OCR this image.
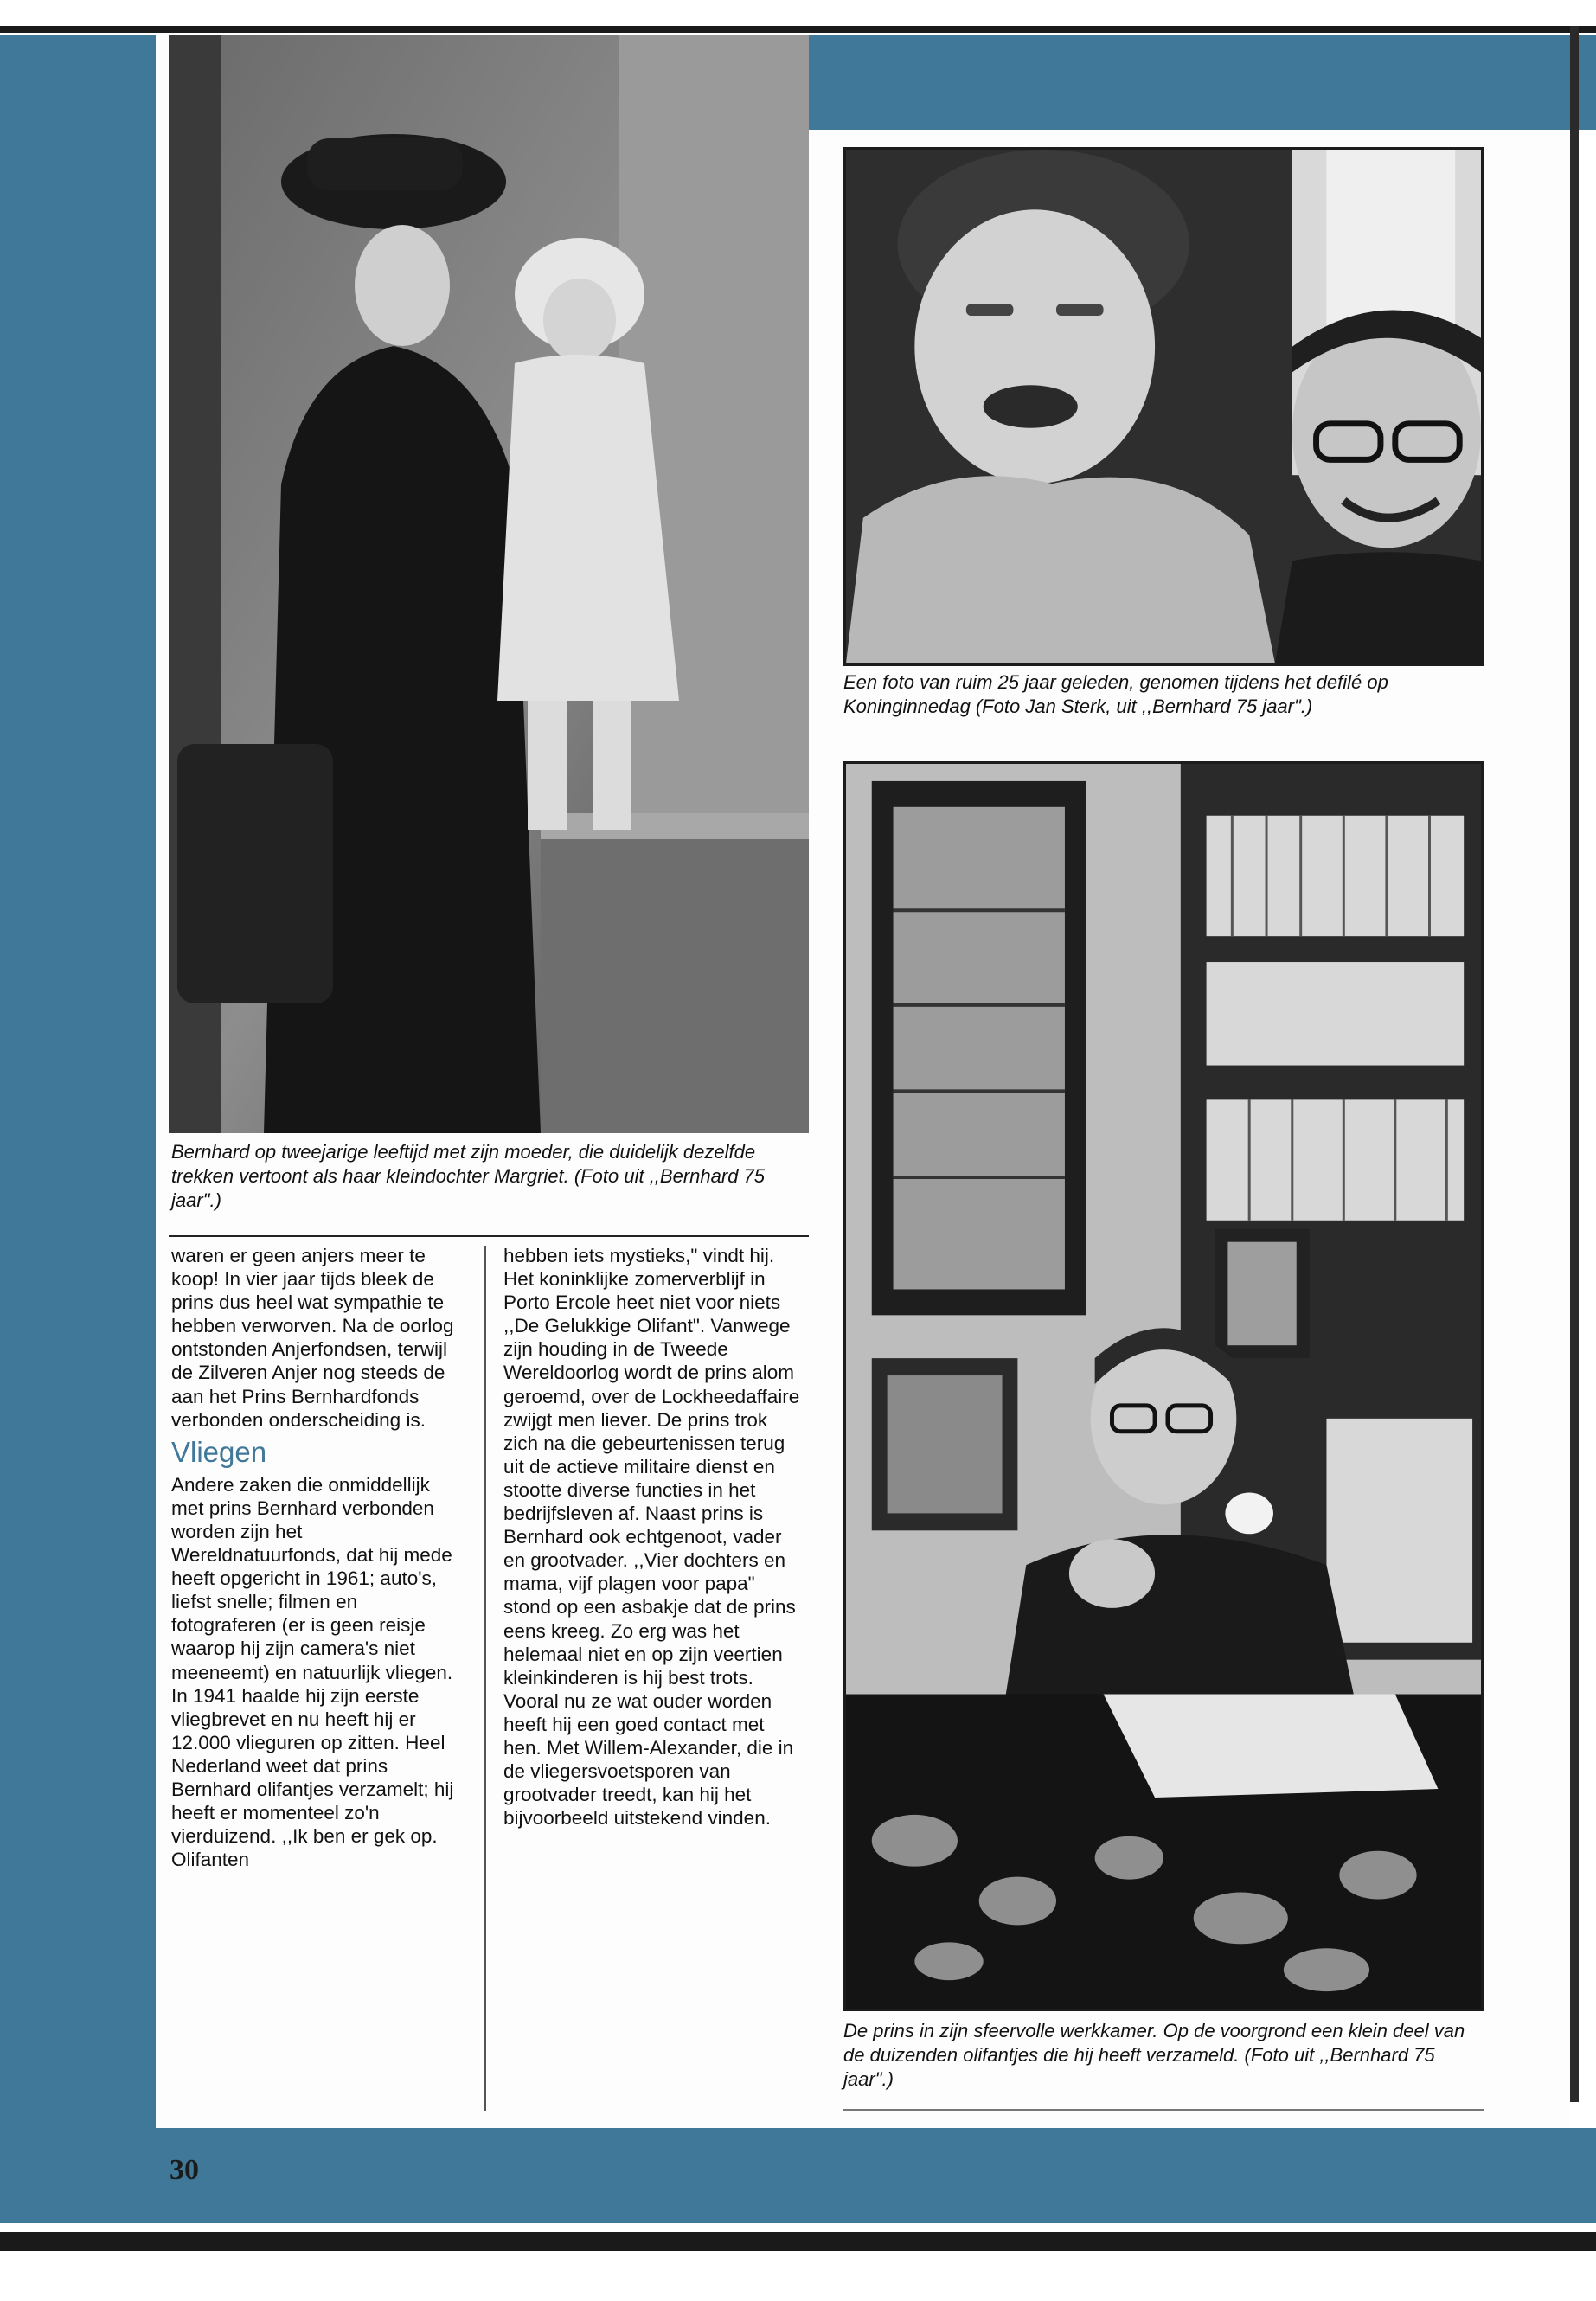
Bernhard op tweejarige leeftijd met zijn moeder, die duidelijk dezelfde trekken vertoont als haar kleindochter Margriet. (Foto uit ,,Bernhard 75 jaar".)

waren er geen anjers meer te koop! In vier jaar tijds bleek de prins dus heel wat sympathie te hebben verworven. Na de oorlog ontstonden Anjerfondsen, terwijl de Zilveren Anjer nog steeds de aan het Prins Bernhardfonds verbonden onderscheiding is.

Vliegen

Andere zaken die onmiddellijk met prins Bernhard verbonden worden zijn het Wereldnatuurfonds, dat hij mede heeft opgericht in 1961; auto's, liefst snelle; filmen en fotograferen (er is geen reisje waarop hij zijn camera's niet meeneemt) en natuurlijk vliegen. In 1941 haalde hij zijn eerste vliegbrevet en nu heeft hij er 12.000 vlieguren op zitten. Heel Nederland weet dat prins Bernhard olifantjes verzamelt; hij heeft er momenteel zo'n vierduizend. ,,Ik ben er gek op. Olifanten

hebben iets mystieks," vindt hij. Het koninklijke zomerverblijf in Porto Ercole heet niet voor niets ,,De Gelukkige Olifant". Vanwege zijn houding in de Tweede Wereldoorlog wordt de prins alom geroemd, over de Lockheedaffaire zwijgt men liever. De prins trok zich na die gebeurtenissen terug uit de actieve militaire dienst en stootte diverse functies in het bedrijfsleven af. Naast prins is Bernhard ook echtgenoot, vader en grootvader. ,,Vier dochters en mama, vijf plagen voor papa" stond op een asbakje dat de prins eens kreeg. Zo erg was het helemaal niet en op zijn veertien kleinkinderen is hij best trots. Vooral nu ze wat ouder worden heeft hij een goed contact met hen. Met Willem-Alexander, die in de vliegersvoetsporen van grootvader treedt, kan hij het bijvoorbeeld uitstekend vinden.

Een foto van ruim 25 jaar geleden, genomen tijdens het defilé op Koninginnedag (Foto Jan Sterk, uit ,,Bernhard 75 jaar".)
De prins in zijn sfeervolle werkkamer. Op de voorgrond een klein deel van de duizenden olifantjes die hij heeft verzameld. (Foto uit ,,Bernhard 75 jaar".)
30
